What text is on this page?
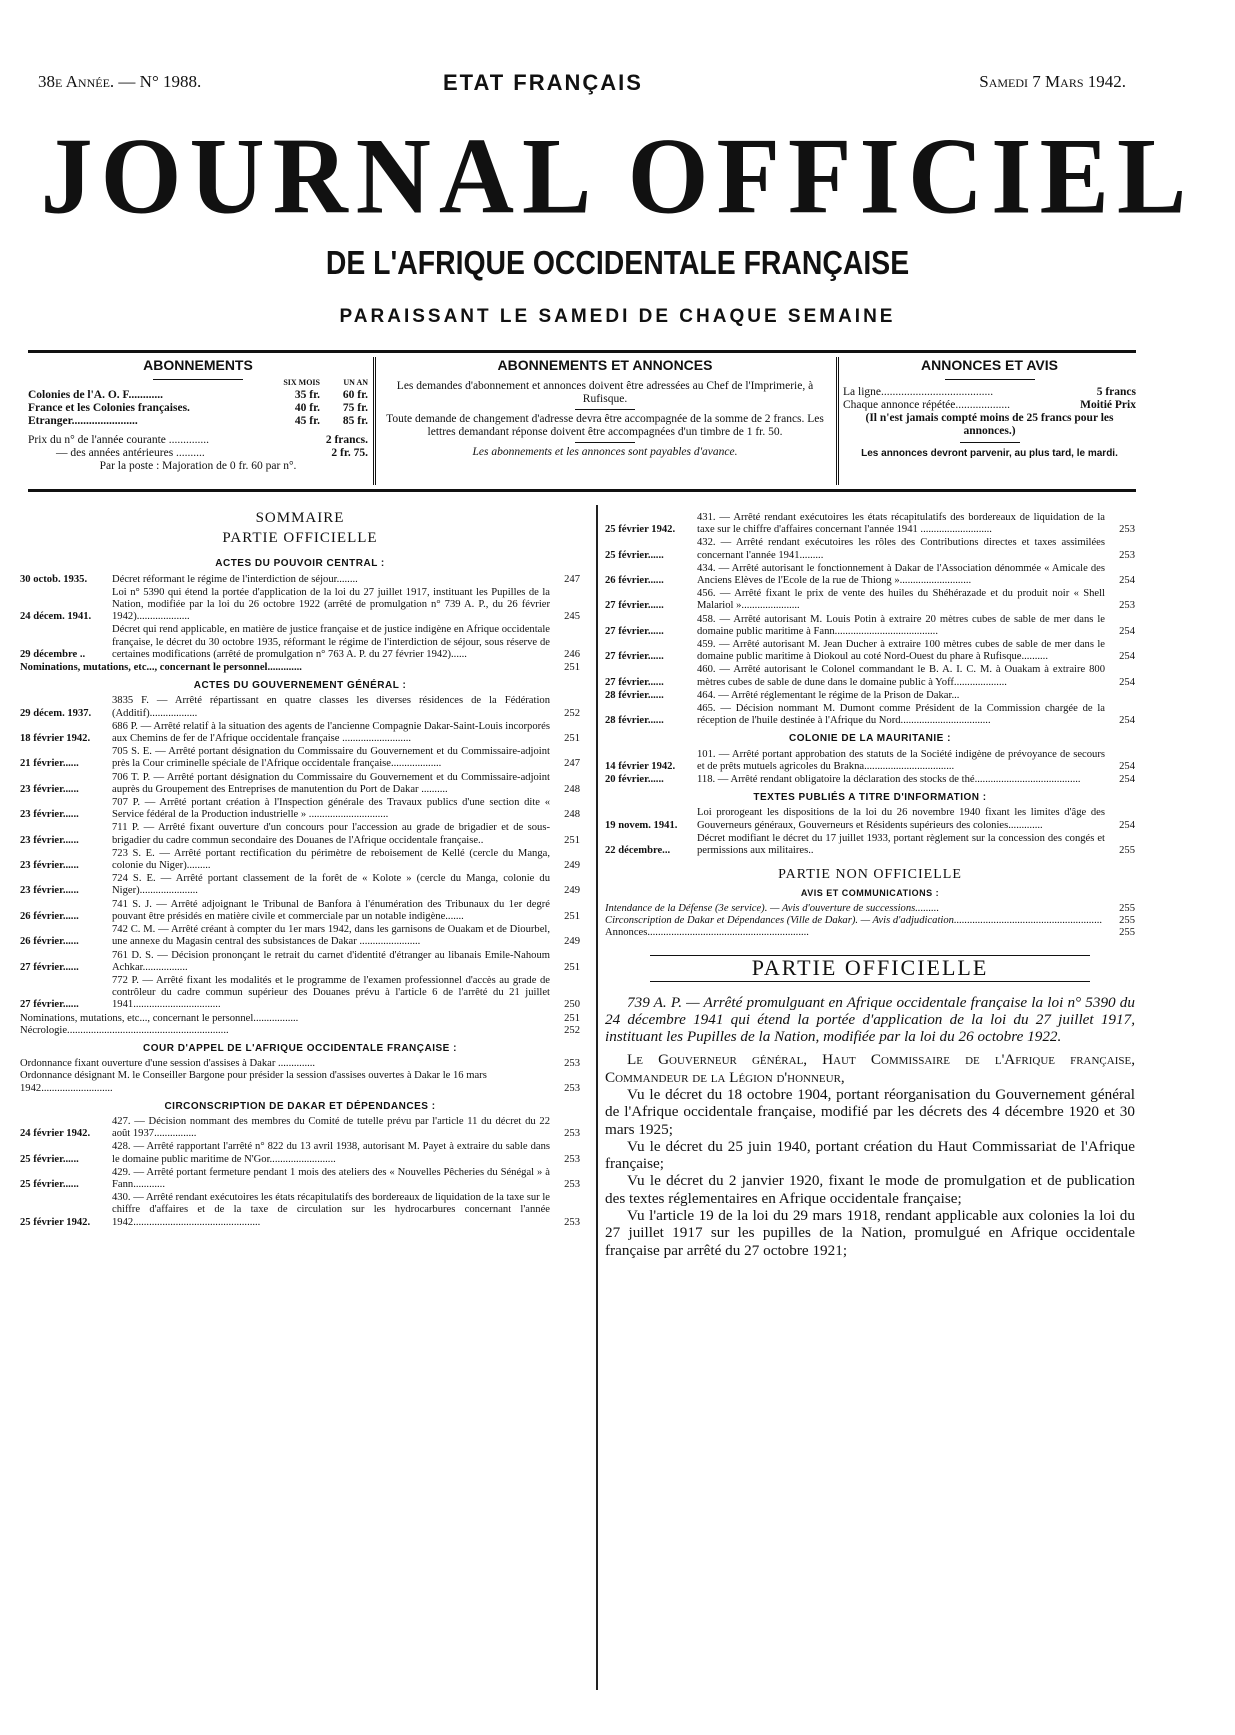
38e Année. — N° 1988.	ETAT FRANÇAIS	Samedi 7 Mars 1942.
JOURNAL OFFICIEL
DE L'AFRIQUE OCCIDENTALE FRANÇAISE
PARAISSANT LE SAMEDI DE CHAQUE SEMAINE
ABONNEMENTS
SIX MOIS	UN AN
Colonies de l'A. O. F............	35 fr. 60 fr.
France et les Colonies françaises.	40 fr. 75 fr.
Etranger.......................	45 fr. 85 fr.
Prix du n° de l'année courante ..............	2 francs.
— des années antérieures ..........	2 fr. 75.
Par la poste : Majoration de 0 fr. 60 par n°.
ABONNEMENTS ET ANNONCES
Les demandes d'abonnement et annonces doivent être adressées au Chef de l'Imprimerie, à Rufisque.
Toute demande de changement d'adresse devra être accompagnée de la somme de 2 francs. Les lettres demandant réponse doivent être accompagnées d'un timbre de 1 fr. 50.
Les abonnements et les annonces sont payables d'avance.
ANNONCES ET AVIS
La ligne.......................................	5 francs
Chaque annonce répétée...................	Moitié Prix
(Il n'est jamais compté moins de 25 francs pour les annonces.)
Les annonces devront parvenir, au plus tard, le mardi.
SOMMAIRE
PARTIE OFFICIELLE
ACTES DU POUVOIR CENTRAL :
30 octob. 1935.	Décret réformant le régime de l'interdiction de séjour........	247
24 décem. 1941.
Loi n° 5390 qui étend la portée d'application de la loi du 27 juillet 1917, instituant les Pupilles de la Nation, modifiée par la loi du 26 octobre 1922 (arrêté de promulgation n° 739 A. P., du 26 février 1942)....................	245
29 décembre ..
Décret qui rend applicable, en matière de justice française et de justice indigène en Afrique occidentale française, le décret du 30 octobre 1935, réformant le régime de l'interdiction de séjour, sous réserve de certaines modifications (arrêté de promulgation n° 763 A. P. du 27 février 1942)......	246
Nominations, mutations, etc..., concernant le personnel.............	251
ACTES DU GOUVERNEMENT GÉNÉRAL :
29 décem. 1937.
3835 F. — Arrêté répartissant en quatre classes les diverses résidences de la Fédération (Additif)..................	252
18 février 1942.
686 P. — Arrêté relatif à la situation des agents de l'ancienne Compagnie Dakar-Saint-Louis incorporés aux Chemins de fer de l'Afrique occidentale française ..........................	251
21 février......
705 S. E. — Arrêté portant désignation du Commissaire du Gouvernement et du Commissaire-adjoint près la Cour criminelle spéciale de l'Afrique occidentale française...................	247
23 février......
706 T. P. — Arrêté portant désignation du Commissaire du Gouvernement et du Commissaire-adjoint auprès du Groupement des Entreprises de manutention du Port de Dakar ..........	248
23 février......
707 P. — Arrêté portant création à l'Inspection générale des Travaux publics d'une section dite « Service fédéral de la Production industrielle » ..............................	248
23 février......
711 P. — Arrêté fixant ouverture d'un concours pour l'accession au grade de brigadier et de sous-brigadier du cadre commun secondaire des Douanes de l'Afrique occidentale française..	251
23 février......
723 S. E. — Arrêté portant rectification du périmètre de reboisement de Kellé (cercle du Manga, colonie du Niger).........	249
23 février......
724 S. E. — Arrêté portant classement de la forêt de « Kolote » (cercle du Manga, colonie du Niger)......................	249
26 février......
741 S. J. — Arrêté adjoignant le Tribunal de Banfora à l'énumération des Tribunaux du 1er degré pouvant être présidés en matière civile et commerciale par un notable indigène.......	251
26 février......
742 C. M. — Arrêté créant à compter du 1er mars 1942, dans les garnisons de Ouakam et de Diourbel, une annexe du Magasin central des subsistances de Dakar .......................	249
27 février......
761 D. S. — Décision prononçant le retrait du carnet d'identité d'étranger au libanais Emile-Nahoum Achkar.................	251
27 février......
772 P. — Arrêté fixant les modalités et le programme de l'examen professionnel d'accès au grade de contrôleur du cadre commun supérieur des Douanes prévu à l'article 6 de l'arrêté du 21 juillet 1941.................................	250
Nominations, mutations, etc..., concernant le personnel.................	251
Nécrologie.............................................................	252
COUR D'APPEL DE L'AFRIQUE OCCIDENTALE FRANÇAISE :
Ordonnance fixant ouverture d'une session d'assises à Dakar ..............	253
Ordonnance désignant M. le Conseiller Bargone pour présider la session d'assises ouvertes à Dakar le 16 mars 1942...........................	253
CIRCONSCRIPTION DE DAKAR ET DÉPENDANCES :
24 février 1942.
427. — Décision nommant des membres du Comité de tutelle prévu par l'article 11 du décret du 22 août 1937................	253
25 février......
428. — Arrêté rapportant l'arrêté n° 822 du 13 avril 1938, autorisant M. Payet à extraire du sable dans le domaine public maritime de N'Gor.........................	253
25 février......
429. — Arrêté portant fermeture pendant 1 mois des ateliers des « Nouvelles Pêcheries du Sénégal » à Fann............	253
25 février 1942.
430. — Arrêté rendant exécutoires les états récapitulatifs des bordereaux de liquidation de la taxe sur le chiffre d'affaires et de la taxe de circulation sur les hydrocarbures concernant l'année 1942................................................	253
25 février 1942.
431. — Arrêté rendant exécutoires les états récapitulatifs des bordereaux de liquidation de la taxe sur le chiffre d'affaires concernant l'année 1941 ...........................	253
25 février......
432. — Arrêté rendant exécutoires les rôles des Contributions directes et taxes assimilées concernant l'année 1941.........	253
26 février......
434. — Arrêté autorisant le fonctionnement à Dakar de l'Association dénommée « Amicale des Anciens Elèves de l'Ecole de la rue de Thiong »...........................	254
27 février......
456. — Arrêté fixant le prix de vente des huiles du Shéhérazade et du produit noir « Shell Malariol »......................	253
27 février......
458. — Arrêté autorisant M. Louis Potin à extraire 20 mètres cubes de sable de mer dans le domaine public maritime à Fann.......................................	254
27 février......
459. — Arrêté autorisant M. Jean Ducher à extraire 100 mètres cubes de sable de mer dans le domaine public maritime à Diokoul au coté Nord-Ouest du phare à Rufisque..........	254
27 février......
460. — Arrêté autorisant le Colonel commandant le B. A. I. C. M. à Ouakam à extraire 800 mètres cubes de sable de dune dans le domaine public à Yoff....................	254
28 février......	464. — Arrêté réglementant le régime de la Prison de Dakar...
28 février......
465. — Décision nommant M. Dumont comme Président de la Commission chargée de la réception de l'huile destinée à l'Afrique du Nord..................................	254
COLONIE DE LA MAURITANIE :
14 février 1942.
101. — Arrêté portant approbation des statuts de la Société indigène de prévoyance de secours et de prêts mutuels agricoles du Brakna..................................	254
20 février......	118. — Arrêté rendant obligatoire la déclaration des stocks de thé........................................	254
TEXTES PUBLIÉS A TITRE D'INFORMATION :
19 novem. 1941.
Loi prorogeant les dispositions de la loi du 26 novembre 1940 fixant les limites d'âge des Gouverneurs généraux, Gouverneurs et Résidents supérieurs des colonies.............	254
22 décembre...
Décret modifiant le décret du 17 juillet 1933, portant règlement sur la concession des congés et permissions aux militaires..	255
PARTIE NON OFFICIELLE
AVIS ET COMMUNICATIONS :
Intendance de la Défense (3e service). — Avis d'ouverture de successions.........	255
Circonscription de Dakar et Dépendances (Ville de Dakar). — Avis d'adjudication........................................................	255
Annonces.............................................................	255
PARTIE OFFICIELLE

739 A. P. — Arrêté promulguant en Afrique occidentale française la loi n° 5390 du 24 décembre 1941 qui étend la portée d'application de la loi du 27 juillet 1917, instituant les Pupilles de la Nation, modifiée par la loi du 26 octobre 1922.

Le Gouverneur général, Haut Commissaire de l'Afrique française, Commandeur de la Légion d'honneur,

Vu le décret du 18 octobre 1904, portant réorganisation du Gouvernement général de l'Afrique occidentale française, modifié par les décrets des 4 décembre 1920 et 30 mars 1925;

Vu le décret du 25 juin 1940, portant création du Haut Commissariat de l'Afrique française;

Vu le décret du 2 janvier 1920, fixant le mode de promulgation et de publication des textes réglementaires en Afrique occidentale française;

Vu l'article 19 de la loi du 29 mars 1918, rendant applicable aux colonies la loi du 27 juillet 1917 sur les pupilles de la Nation, promulgué en Afrique occidentale française par arrêté du 27 octobre 1921;
